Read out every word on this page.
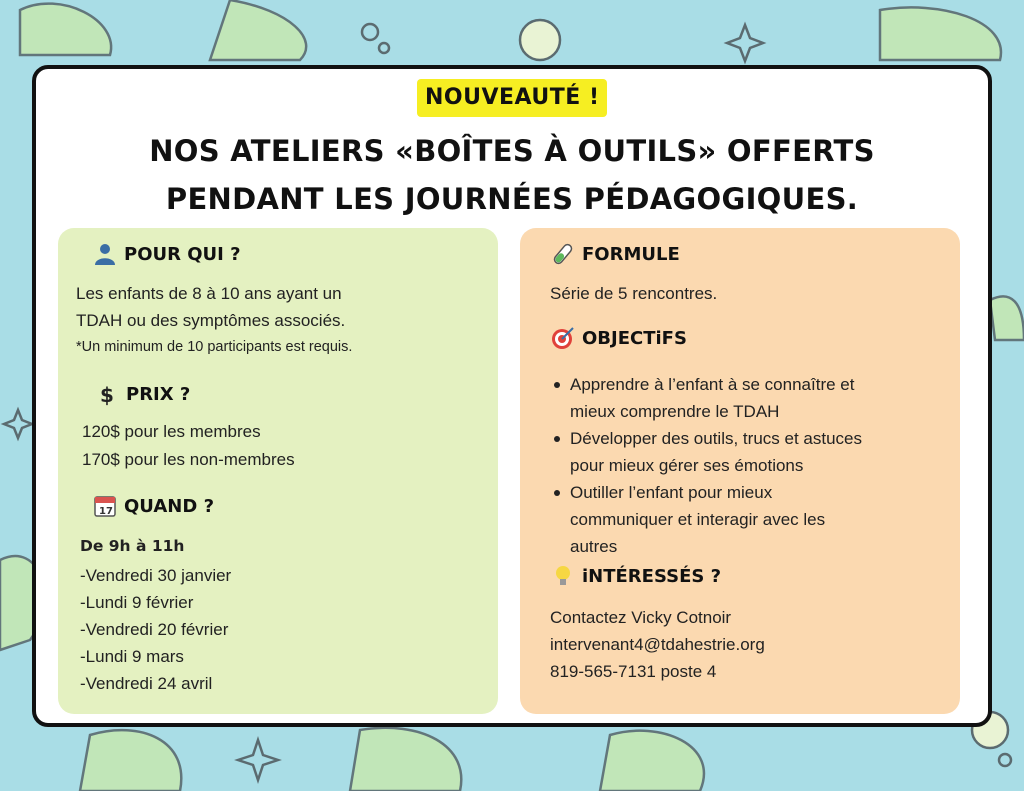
NOUVEAUTÉ !
NOS ATELIERS «BOÎTES À OUTILS» OFFERTS
PENDANT LES JOURNÉES PÉDAGOGIQUES.
POUR QUI ?
Les enfants de 8 à 10 ans ayant un
TDAH ou des symptômes associés.
*Un minimum de 10 participants est requis.
$ PRIX ?
120$ pour les membres
170$ pour les non-membres
17 QUAND ?
De 9h à 11h
-Vendredi 30 janvier
-Lundi 9 février
-Vendredi 20 février
-Lundi 9 mars
-Vendredi 24 avril
FORMULE
Série de 5 rencontres.
OBJECTiFS
Apprendre à l’enfant à se connaître et
mieux comprendre le TDAH
Développer des outils, trucs et astuces
pour mieux gérer ses émotions
Outiller l’enfant pour mieux
communiquer et interagir avec les
autres
iNTÉRESSÉS ?
Contactez Vicky Cotnoir
intervenant4@tdahestrie.org
819-565-7131 poste 4
